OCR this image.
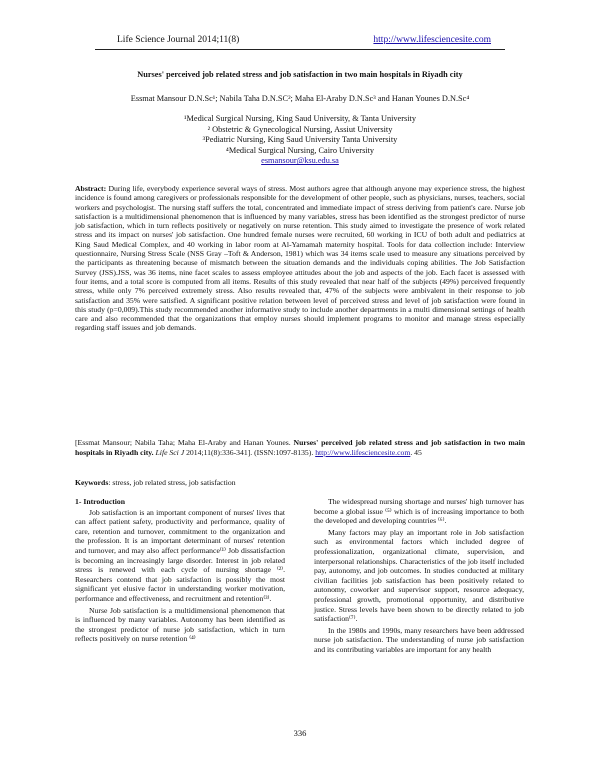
Life Science Journal 2014;11(8)	http://www.lifesciencesite.com
Nurses' perceived job related stress and job satisfaction in two main hospitals in Riyadh city
Essmat Mansour D.N.Sc¹; Nabila Taha D.N.SC²; Maha El-Araby D.N.Sc³ and Hanan Younes D.N.Sc⁴
¹Medical Surgical Nursing, King Saud University, & Tanta University
² Obstetric & Gynecological Nursing, Assiut University
³Pediatric Nursing, King Saud University Tanta University
⁴Medical Surgical Nursing, Cairo University
esmansour@ksu.edu.sa
Abstract: During life, everybody experience several ways of stress. Most authors agree that although anyone may experience stress, the highest incidence is found among caregivers or professionals responsible for the development of other people, such as physicians, nurses, teachers, social workers and psychologist. The nursing staff suffers the total, concentrated and immediate impact of stress deriving from patient's care. Nurse job satisfaction is a multidimensional phenomenon that is influenced by many variables, stress has been identified as the strongest predictor of nurse job satisfaction, which in turn reflects positively or negatively on nurse retention. This study aimed to investigate the presence of work related stress and its impact on nurses' job satisfaction. One hundred female nurses were recruited, 60 working in ICU of both adult and pediatrics at King Saud Medical Complex, and 40 working in labor room at Al-Yamamah maternity hospital. Tools for data collection include: Interview questionnaire, Nursing Stress Scale (NSS Gray –Toft & Anderson, 1981) which was 34 items scale used to measure any situations perceived by the participants as threatening because of mismatch between the situation demands and the individuals coping abilities. The Job Satisfaction Survey (JSS).JSS, was 36 items, nine facet scales to assess employee attitudes about the job and aspects of the job. Each facet is assessed with four items, and a total score is computed from all items. Results of this study revealed that near half of the subjects (49%) perceived frequently stress, while only 7% perceived extremely stress. Also results revealed that, 47% of the subjects were ambivalent in their response to job satisfaction and 35% were satisfied. A significant positive relation between level of perceived stress and level of job satisfaction were found in this study (p=0,009).This study recommended another informative study to include another departments in a multi dimensional settings of health care and also recommended that the organizations that employ nurses should implement programs to monitor and manage stress especially regarding staff issues and job demands.
[Essmat Mansour; Nabila Taha; Maha El-Araby and Hanan Younes. Nurses' perceived job related stress and job satisfaction in two main hospitals in Riyadh city. Life Sci J 2014;11(8):336-341]. (ISSN:1097-8135). http://www.lifesciencesite.com. 45
Keywords: stress, job related stress, job satisfaction
1- Introduction

Job satisfaction is an important component of nurses' lives that can affect patient safety, productivity and performance, quality of care, retention and turnover, commitment to the organization and the profession. It is an important determinant of nurses' retention and turnover, and may also affect performance⁽¹⁾ Job dissatisfaction is becoming an increasingly large disorder. Interest in job related stress is renewed with each cycle of nursing shortage ⁽²⁾. Researchers contend that job satisfaction is possibly the most significant yet elusive factor in understanding worker motivation, performance and effectiveness, and recruitment and retention⁽³⁾.

Nurse Job satisfaction is a multidimensional phenomenon that is influenced by many variables. Autonomy has been identified as the strongest predictor of nurse job satisfaction, which in turn reflects positively on nurse retention ⁽⁴⁾

The widespread nursing shortage and nurses' high turnover has become a global issue ⁽⁵⁾ which is of increasing importance to both the developed and developing countries ⁽⁶⁾.

Many factors may play an important role in Job satisfaction such as environmental factors which included degree of professionalization, organizational climate, supervision, and interpersonal relationships. Characteristics of the job itself included pay, autonomy, and job outcomes. In studies conducted at military civilian facilities job satisfaction has been positively related to autonomy, coworker and supervisor support, resource adequacy, professional growth, promotional opportunity, and distributive justice. Stress levels have been shown to be directly related to job satisfaction⁽⁷⁾.

In the 1980s and 1990s, many researchers have been addressed nurse job satisfaction. The understanding of nurse job satisfaction and its contributing variables are important for any health

336
